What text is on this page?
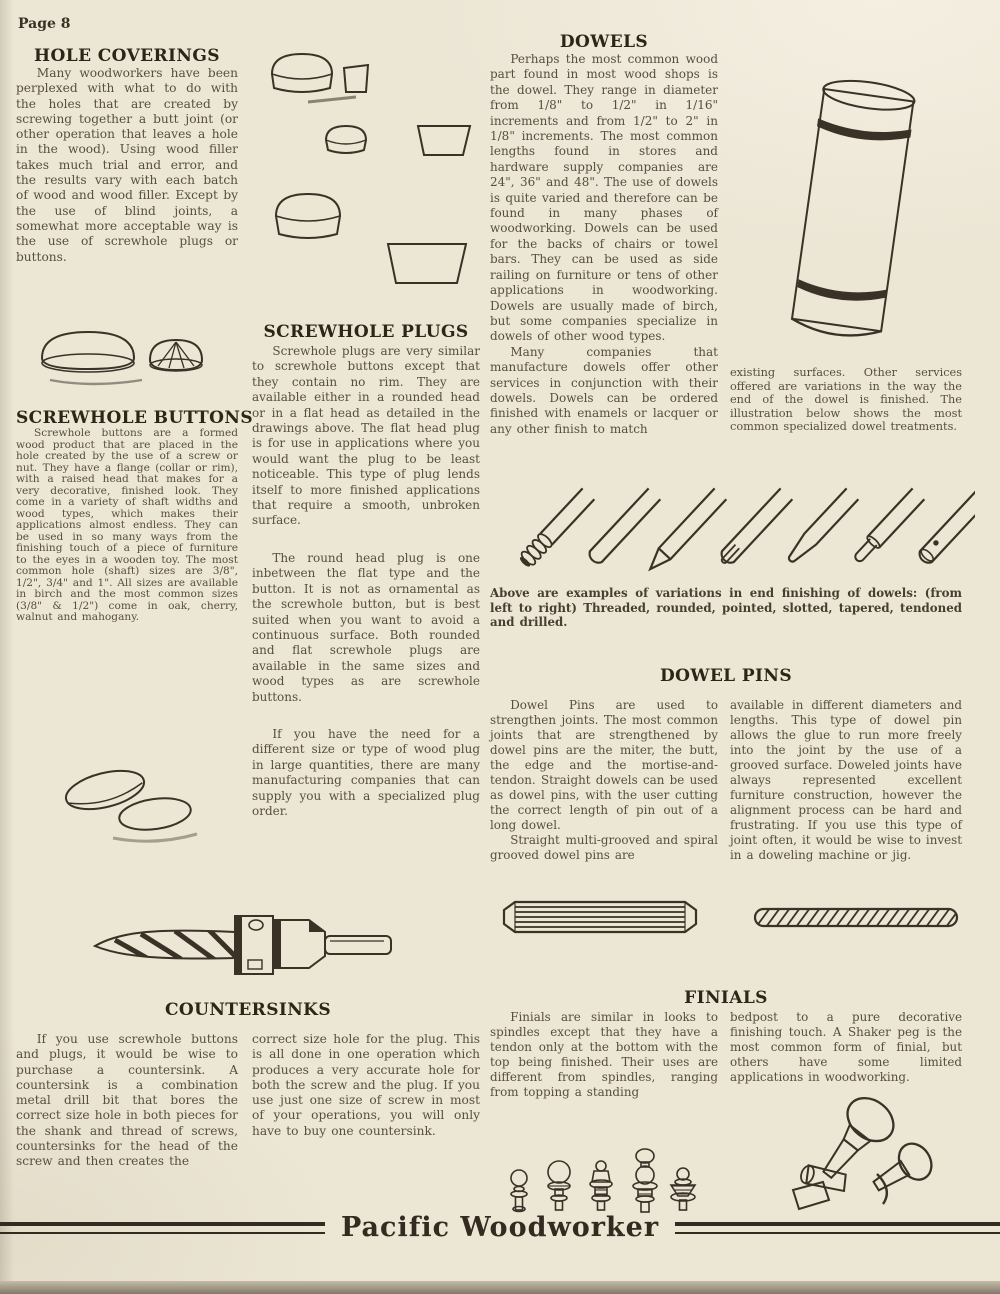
Page 8
HOLE COVERINGS

Many woodworkers have been perplexed with what to do with the holes that are created by screwing together a butt joint (or other operation that leaves a hole in the wood). Using wood filler takes much trial and error, and the results vary with each batch of wood and wood filler. Except by the use of blind joints, a somewhat more acceptable way is the use of screwhole plugs or buttons.

SCREWHOLE BUTTONS

Screwhole buttons are a formed wood product that are placed in the hole created by the use of a screw or nut. They have a flange (collar or rim), with a raised head that makes for a very decorative, finished look. They come in a variety of shaft widths and wood types, which makes their applications almost endless. They can be used in so many ways from the finishing touch of a piece of furniture to the eyes in a wooden toy. The most common hole (shaft) sizes are 3/8", 1/2", 3/4" and 1". All sizes are available in birch and the most common sizes (3/8" & 1/2") come in oak, cherry, walnut and mahogany.

SCREWHOLE PLUGS

Screwhole plugs are very similar to screwhole buttons except that they contain no rim. They are available either in a rounded head or in a flat head as detailed in the drawings above. The flat head plug is for use in applications where you would want the plug to be least noticeable. This type of plug lends itself to more finished applications that require a smooth, unbroken surface.

The round head plug is one inbetween the flat type and the button. It is not as ornamental as the screwhole button, but is best suited when you want to avoid a continuous surface. Both rounded and flat screwhole plugs are available in the same sizes and wood types as are screwhole buttons.

If you have the need for a different size or type of wood plug in large quantities, there are many manufacturing companies that can supply you with a specialized plug order.

DOWELS

Perhaps the most common wood part found in most wood shops is the dowel. They range in diameter from 1/8" to 1/2" in 1/16" increments and from 1/2" to 2" in 1/8" increments. The most common lengths found in stores and hardware supply companies are 24", 36" and 48". The use of dowels is quite varied and therefore can be found in many phases of woodworking. Dowels can be used for the backs of chairs or towel bars. They can be used as side railing on furniture or tens of other applications in woodworking. Dowels are usually made of birch, but some companies specialize in dowels of other wood types.

Many companies that manufacture dowels offer other services in conjunction with their dowels. Dowels can be ordered finished with enamels or lacquer or any other finish to match

existing surfaces. Other services offered are variations in the way the end of the dowel is finished. The illustration below shows the most common specialized dowel treatments.

Above are examples of variations in end finishing of dowels: (from left to right) Threaded, rounded, pointed, slotted, tapered, tendoned and drilled.
DOWEL PINS

Dowel Pins are used to strengthen joints. The most common joints that are strengthened by dowel pins are the miter, the butt, the edge and the mortise-and-tendon. Straight dowels can be used as dowel pins, with the user cutting the correct length of pin out of a long dowel.

Straight multi-grooved and spiral grooved dowel pins are

available in different diameters and lengths. This type of dowel pin allows the glue to run more freely into the joint by the use of a grooved surface. Doweled joints have always represented excellent furniture construction, however the alignment process can be hard and frustrating. If you use this type of joint often, it would be wise to invest in a doweling machine or jig.

COUNTERSINKS

If you use screwhole buttons and plugs, it would be wise to purchase a countersink. A countersink is a combination metal drill bit that bores the correct size hole in both pieces for the shank and thread of screws, countersinks for the head of the screw and then creates the

correct size hole for the plug. This is all done in one operation which produces a very accurate hole for both the screw and the plug. If you use just one size of screw in most of your operations, you will only have to buy one countersink.

FINIALS

Finials are similar in looks to spindles except that they have a tendon only at the bottom with the top being finished. Their uses are different from spindles, ranging from topping a standing

bedpost to a pure decorative finishing touch. A Shaker peg is the most common form of finial, but others have some limited applications in woodworking.

Pacific Woodworker
